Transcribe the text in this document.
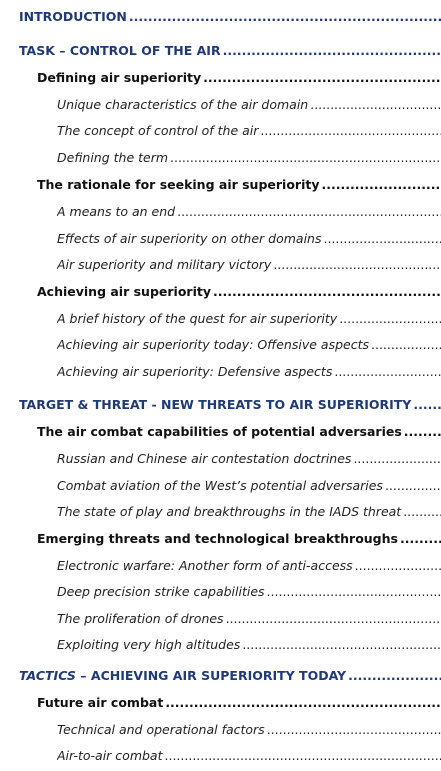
INTRODUCTION
.....
TASK – CONTROL OF THE AIR
.....
Defining air superiority
.....
Unique characteristics of the air domain
.....
The concept of control of the air
.....
Defining the term
.....
The rationale for seeking air superiority
.....
A means to an end
.....
Effects of air superiority on other domains
.....
Air superiority and military victory
.....
Achieving air superiority
.....
A brief history of the quest for air superiority
.....
Achieving air superiority today: Offensive aspects
.....
Achieving air superiority: Defensive aspects
.....
TARGET & THREAT - NEW THREATS TO AIR SUPERIORITY
.....
The air combat capabilities of potential adversaries
.....
Russian and Chinese air contestation doctrines
.....
Combat aviation of the West’s potential adversaries
.....
The state of play and breakthroughs in the IADS threat
.....
Emerging threats and technological breakthroughs
.....
Electronic warfare: Another form of anti-access
.....
Deep precision strike capabilities
.....
The proliferation of drones
.....
Exploiting very high altitudes
.....
TACTICS – ACHIEVING AIR SUPERIORITY TODAY
.....
Future air combat
.....
Technical and operational factors
.....
Air-to-air combat
.....
